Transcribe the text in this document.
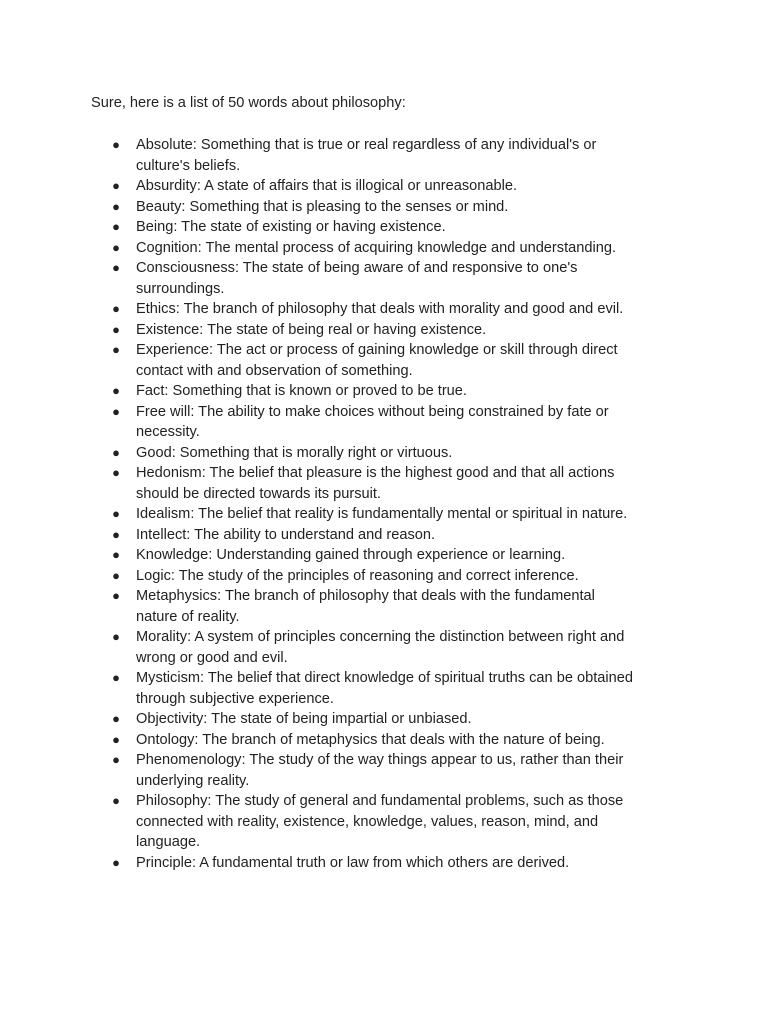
Sure, here is a list of 50 words about philosophy:

● Absolute: Something that is true or real regardless of any individual's or culture's beliefs.
● Absurdity: A state of affairs that is illogical or unreasonable.
● Beauty: Something that is pleasing to the senses or mind.
● Being: The state of existing or having existence.
● Cognition: The mental process of acquiring knowledge and understanding.
● Consciousness: The state of being aware of and responsive to one's surroundings.
● Ethics: The branch of philosophy that deals with morality and good and evil.
● Existence: The state of being real or having existence.
● Experience: The act or process of gaining knowledge or skill through direct contact with and observation of something.
● Fact: Something that is known or proved to be true.
● Free will: The ability to make choices without being constrained by fate or necessity.
● Good: Something that is morally right or virtuous.
● Hedonism: The belief that pleasure is the highest good and that all actions should be directed towards its pursuit.
● Idealism: The belief that reality is fundamentally mental or spiritual in nature.
● Intellect: The ability to understand and reason.
● Knowledge: Understanding gained through experience or learning.
● Logic: The study of the principles of reasoning and correct inference.
● Metaphysics: The branch of philosophy that deals with the fundamental nature of reality.
● Morality: A system of principles concerning the distinction between right and wrong or good and evil.
● Mysticism: The belief that direct knowledge of spiritual truths can be obtained through subjective experience.
● Objectivity: The state of being impartial or unbiased.
● Ontology: The branch of metaphysics that deals with the nature of being.
● Phenomenology: The study of the way things appear to us, rather than their underlying reality.
● Philosophy: The study of general and fundamental problems, such as those connected with reality, existence, knowledge, values, reason, mind, and language.
● Principle: A fundamental truth or law from which others are derived.
